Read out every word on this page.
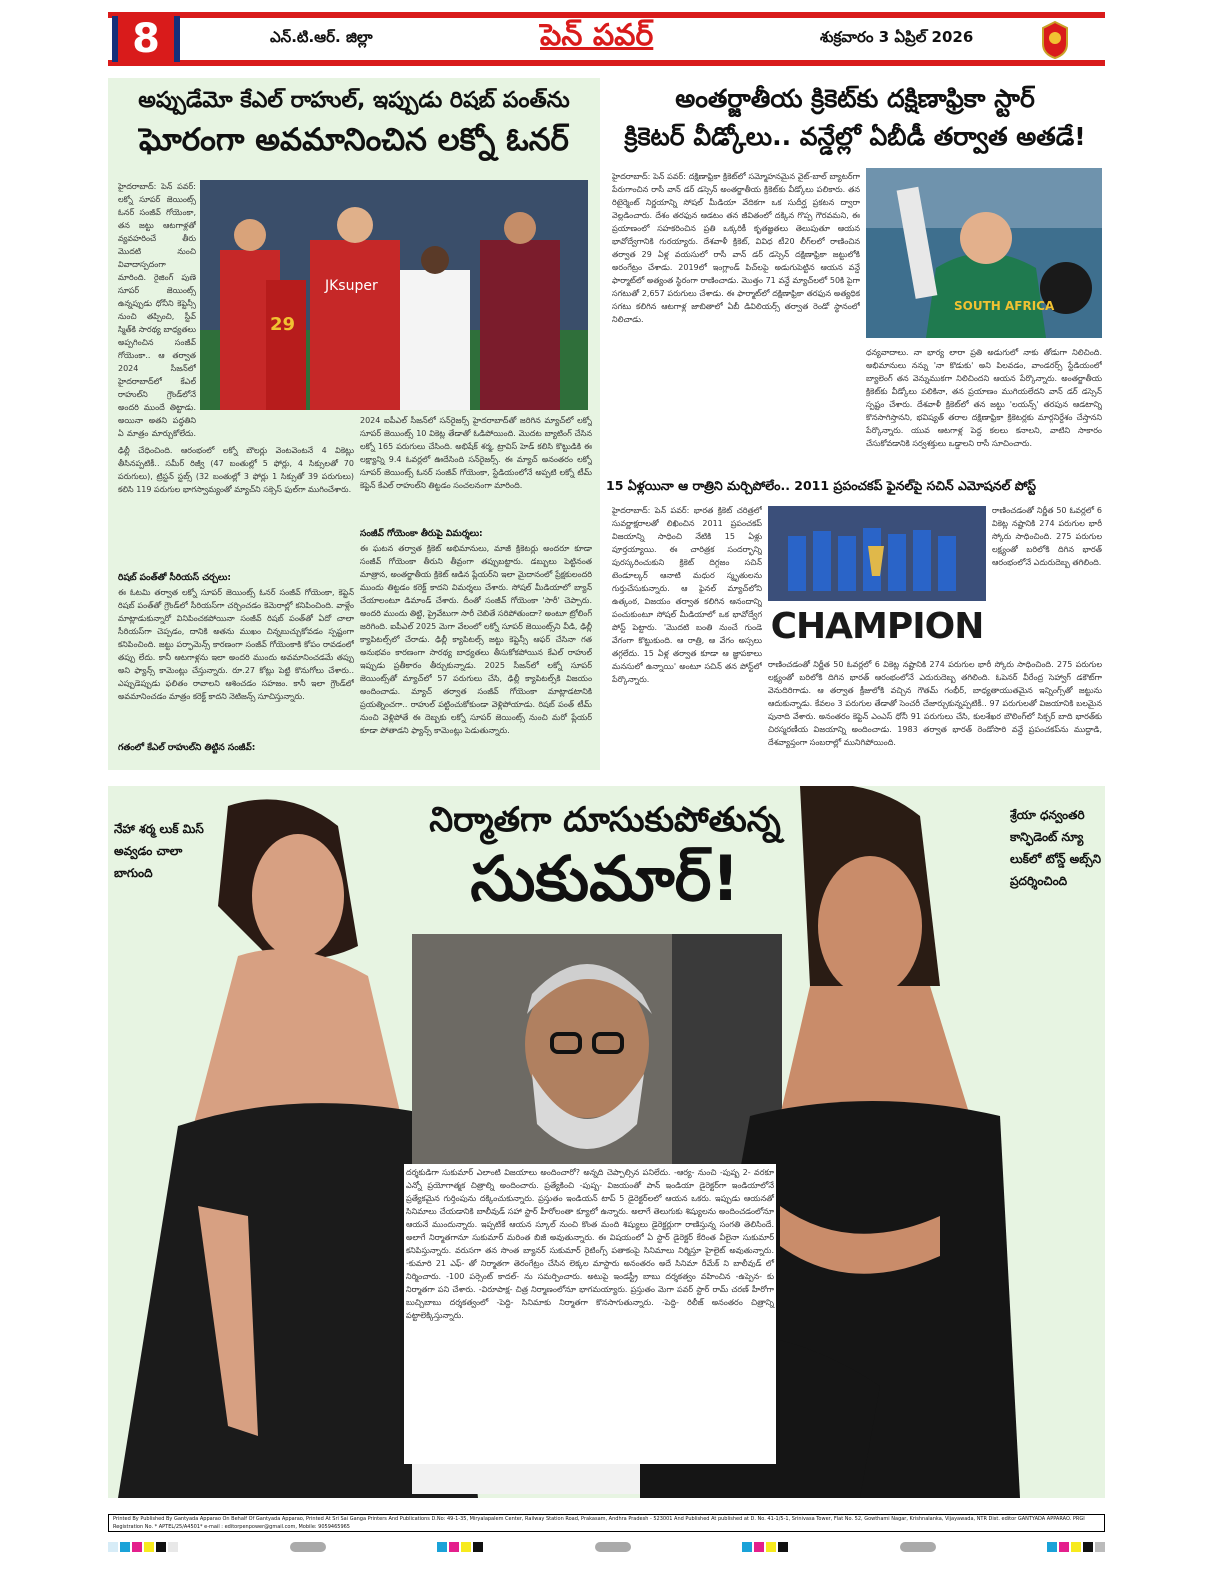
8	ఎన్.టి.ఆర్. జిల్లా	పెన్ పవర్	శుక్రవారం 3 ఏప్రిల్ 2026
అప్పుడేమో కేఎల్ రాహుల్, ఇప్పుడు రిషబ్ పంత్‌ను
ఘోరంగా అవమానించిన లక్నో ఓనర్
JKsuper
29
హైదరాబాద్: పెన్ పవర్: లక్నో సూపర్ జెయింట్స్ ఓనర్ సంజీవ్ గోయెంకా, తన జట్టు ఆటగాళ్లతో వ్యవహరించే తీరు మొదటి నుంచి వివాదాస్పదంగా మారింది. రైజింగ్ పుణె సూపర్ జెయింట్స్ ఉన్నప్పుడు ధోనీని కెప్టెన్సీ నుంచి తప్పించి, స్టీవ్ స్మిత్‌కి సారథ్య బాధ్యతలు అప్పగించిన సంజీవ్ గోయెంకా.. ఆ తర్వాత 2024 సీజన్‌లో హైదరాబాద్‌లో కేఎల్ రాహుల్‌ని గ్రౌండ్‌లోనే అందరి ముందే తిట్టాడు. అయినా అతని పద్ధతిని ఏ మాత్రం మార్చుకోలేదు.
ఢిల్లీ చేధించింది. ఆరంభంలో లక్నో బౌలర్లు వెంటవెంటనే 4 వికెట్లు తీసినప్పటికీ.. సమీర్ రిజ్వీ (47 బంతుల్లో 5 ఫోర్లు, 4 సిక్సులతో 70 పరుగులు), ట్రిస్టన్ స్టబ్స్ (32 బంతుల్లో 3 ఫోర్లు 1 సిక్సుతో 39 పరుగులు) కలిసి 119 పరుగుల భాగస్వామ్యంతో మ్యాచ్‌ని సక్సెస్ ఫుల్‌గా ముగించేశారు.
రిషబ్ పంత్‌తో సీరియస్ చర్చలు:
ఈ ఓటమి తర్వాత లక్నో సూపర్ జెయింట్స్ ఓనర్ సంజీవ్ గోయెంకా, కెప్టెన్ రిషబ్ పంత్‌తో గ్రౌండ్‌లో సీరియస్‌గా చర్చించడం కెమెరాల్లో కనిపించింది. వాళ్లేం మాట్లాడుకున్నారో వినిపించకపోయినా సంజీవ్ రిషబ్ పంత్‌తో ఏదో చాలా సీరియస్‌గా చెప్పడం, దానికి అతను ముఖం చిన్నబుచ్చుకోవడం స్పష్టంగా కనిపించింది. జట్టు పర్ఫామెన్స్ కారణంగా సంజీవ్ గోయెంకాకి కోపం రావడంలో తప్పు లేదు. కానీ ఆటగాళ్లను ఇలా అందరి ముందు అవమానించడమే తప్పు అని ఫ్యాన్స్ కామెంట్లు చేస్తున్నారు. రూ.27 కోట్లు పెట్టి కొనుగోలు చేశారు.. ఎప్పుడెప్పుడు ఫలితం రావాలని ఆశించడం సహజం. కానీ ఇలా గ్రౌండ్‌లో అవమానించడం మాత్రం కరెక్ట్ కాదని నెటిజన్స్ సూచిస్తున్నారు.
గతంలో కేఎల్ రాహుల్‌ని తిట్టిన సంజీవ్:
2024 ఐపీఎల్ సీజన్‌లో సన్‌రైజర్స్ హైదరాబాద్‌తో జరిగిన మ్యాచ్‌లో లక్నో సూపర్ జెయింట్స్ 10 వికెట్ల తేడాతో ఓడిపోయింది. మొదట బ్యాటింగ్ చేసిన లక్నో 165 పరుగులు చేసింది. అభిషేక్ శర్మ, ట్రావిస్ హెడ్ కలిసి కొట్టుడికి ఈ లక్ష్యాన్ని 9.4 ఓవర్లలో ఊదేసింది సన్‌రైజర్స్. ఈ మ్యాచ్ అనంతరం లక్నో సూపర్ జెయింట్స్ ఓనర్ సంజీవ్ గోయెంకా, స్టేడియంలోనే అప్పటి లక్నో టీమ్ కెప్టెన్ కేఎల్ రాహుల్‌ని తిట్టడం సంచలనంగా మారింది.
సంజీవ్ గోయెంకా తీరుపై విమర్శలు:
ఈ ఘటన తర్వాత క్రికెట్ అభిమానులు, మాజీ క్రికెటర్లు అందరూ కూడా సంజీవ్ గోయెంకా తీరుని తీవ్రంగా తప్పుబట్టారు. డబ్బులు పెట్టినంత మాత్రాన, అంతర్జాతీయ క్రికెట్ ఆడిన ప్లేయర్‌ని ఇలా మైదానంలో ప్రేక్షకులందరి ముందు తిట్టడం కరెక్ట్ కాదని విమర్శలు చేశారు. సోషల్ మీడియాలో బ్యాన్ చేయాలంటూ డిమాండ్ చేశారు. దీంతో సంజీవ్ గోయెంకా 'సారీ' చెప్పారు. అందరి ముందు తిట్టి, ప్రైవేటుగా సారీ చెబితే సరిపోతుందా? అంటూ ట్రోలింగ్ జరిగింది. ఐపీఎల్ 2025 మెగా వేలంలో లక్నో సూపర్ జెయింట్స్‌ని వీడి, ఢిల్లీ క్యాపిటల్స్‌లో చేరాడు. ఢిల్లీ క్యాపిటల్స్ జట్టు కెప్టెన్సీ ఆఫర్ చేసినా గత అనుభవం కారణంగా సారథ్య బాధ్యతలు తీసుకోకపోయిన కేఎల్ రాహుల్ ఇప్పుడు ప్రతీకారం తీర్చుకున్నాడు. 2025 సీజన్‌లో లక్నో సూపర్ జెయింట్స్‌తో మ్యాచ్‌లో 57 పరుగులు చేసి, ఢిల్లీ క్యాపిటల్స్‌కి విజయం అందించాడు. మ్యాచ్ తర్వాత సంజీవ్ గోయెంకా మాట్లాడటానికి ప్రయత్నించగా.. రాహుల్ పట్టించుకోకుండా వెళ్లిపోయాడు. రిషబ్ పంత్ టీమ్ నుంచి వెళ్లిపోతే ఈ దెబ్బకు లక్నో సూపర్ జెయింట్స్ నుంచి మరో ప్లేయర్ కూడా పోతాడని ఫ్యాన్స్ కామెంట్లు పెడుతున్నారు.
అంతర్జాతీయ క్రికెట్‌కు దక్షిణాఫ్రికా స్టార్
క్రికెటర్ వీడ్కోలు.. వన్డేల్లో ఏబీడీ తర్వాత అతడే!
హైదరాబాద్: పెన్ పవర్: దక్షిణాఫ్రికా క్రికెట్‌లో సమ్మోహనమైన వైట్-బాల్ బ్యాటర్‌గా పేరుగాంచిన రాసీ వాన్ డర్ డస్సెన్ అంతర్జాతీయ క్రికెట్‌కు వీడ్కోలు పలికారు. తన రిటైర్మెంట్ నిర్ణయాన్ని సోషల్ మీడియా వేదికగా ఒక సుదీర్ఘ ప్రకటన ద్వారా వెల్లడించారు. దేశం తరఫున ఆడటం తన జీవితంలో దక్కిన గొప్ప గౌరవమని, ఈ ప్రయాణంలో సహకరించిన ప్రతి ఒక్కరికీ కృతజ్ఞతలు తెలుపుతూ ఆయన భావోద్వేగానికి గురయ్యారు. దేశవాళీ క్రికెట్, వివిధ టీ20 లీగ్‌లలో రాణించిన తర్వాత 29 ఏళ్ల వయసులో రాసీ వాన్ డర్ డస్సెన్ దక్షిణాఫ్రికా జట్టులోకి అరంగేట్రం చేశాడు. 2019లో ఇంగ్లాండ్ పిచ్‌లపై అడుగుపెట్టిన ఆయన వన్డే ఫార్మాట్‌లో అత్యంత స్థిరంగా రాణించాడు. మొత్తం 71 వన్డే మ్యాచ్‌లలో 50కి పైగా సగటుతో 2,657 పరుగులు చేశాడు. ఈ ఫార్మాట్‌లో దక్షిణాఫ్రికా తరఫున అత్యధిక సగటు కలిగిన ఆటగాళ్ల జాబితాలో ఏబీ డివిలియర్స్ తర్వాత రెండో స్థానంలో నిలిచాడు.
SOUTH AFRICA
ధన్యవాదాలు. నా భార్య లారా ప్రతి అడుగులో నాకు తోడుగా నిలిచింది. అభిమానులు నన్ను 'నా కొడుకు' అని పిలవడం, వాండరర్స్ స్టేడియంలో బ్యాలెంగ్ తన వెన్నుముకగా నిలిచిందని ఆయన పేర్కొన్నారు. అంతర్జాతీయ క్రికెట్‌కు వీడ్కోలు పలికినా, తన ప్రయాణం ముగియలేదని వాన్ డర్ డస్సెన్ స్పష్టం చేశారు. దేశవాళీ క్రికెట్‌లో తన జట్టు 'లయన్స్' తరపున ఆడటాన్ని కొనసాగిస్తానని, భవిష్యత్ తరాల దక్షిణాఫ్రికా క్రికెటర్లకు మార్గనిర్దేశం చేస్తానని పేర్కొన్నారు. యువ ఆటగాళ్ల పెద్ద కలలు కనాలని, వాటిని సాకారం చేసుకోవడానికి సర్వశక్తులు ఒడ్డాలని రాసీ సూచించారు.
15 ఏళ్లయినా ఆ రాత్రిని మర్చిపోలేం.. 2011 ప్రపంచకప్ ఫైనల్‌పై సచిన్ ఎమోషనల్ పోస్ట్
హైదరాబాద్: పెన్ పవర్: భారత క్రికెట్ చరిత్రలో సువర్ణాక్షరాలతో లిఖించిన 2011 ప్రపంచకప్ విజయాన్ని సాధించి నేటికి 15 ఏళ్లు పూర్తయ్యాయి. ఈ చారిత్రక సందర్భాన్ని పురస్కరించుకుని క్రికెట్ దిగ్గజం సచిన్ టెండూల్కర్ ఆనాటి మధుర స్మృతులను గుర్తుచేసుకున్నారు. ఆ ఫైనల్ మ్యాచ్‌లోని ఉత్కంఠ, విజయం తర్వాత కలిగిన ఆనందాన్ని పంచుకుంటూ సోషల్ మీడియాలో ఒక భావోద్వేగ పోస్ట్ పెట్టారు. 'మొదటి బంతి నుంచే గుండె వేగంగా కొట్టుకుంది. ఆ రాత్రి, ఆ వేగం అస్సలు తగ్గలేదు. 15 ఏళ్ల తర్వాత కూడా ఆ జ్ఞాపకాలు మనసులో ఉన్నాయి' అంటూ సచిన్ తన పోస్ట్‌లో పేర్కొన్నారు.
CHAMPION
రాణించడంతో నిర్ణీత 50 ఓవర్లలో 6 వికెట్ల నష్టానికి 274 పరుగుల భారీ స్కోరు సాధించింది. 275 పరుగుల లక్ష్యంతో బరిలోకి దిగిన భారత్ ఆరంభంలోనే ఎదురుదెబ్బ తగిలింది.
రాణించడంతో నిర్ణీత 50 ఓవర్లలో 6 వికెట్ల నష్టానికి 274 పరుగుల భారీ స్కోరు సాధించింది. 275 పరుగుల లక్ష్యంతో బరిలోకి దిగిన భారత్ ఆరంభంలోనే ఎదురుదెబ్బ తగిలింది. ఓపెనర్ వీరేంద్ర సెహ్వాగ్ డకౌట్‌గా వెనుదిరిగాడు. ఆ తర్వాత క్రీజులోకి వచ్చిన గౌతమ్ గంభీర్, బాధ్యతాయుతమైన ఇన్నింగ్స్‌తో జట్టును ఆదుకున్నాడు. కేవలం 3 పరుగుల తేడాతో సెంచరీ చేజార్చుకున్నప్పటికీ.. 97 పరుగులతో విజయానికి బలమైన పునాది వేశారు. అనంతరం కెప్టెన్ ఎంఎస్ ధోనీ 91 పరుగులు చేసి, కులశేఖర బౌలింగ్‌లో సిక్సర్ బాది భారత్‌కు చిరస్మరణీయ విజయాన్ని అందించాడు. 1983 తర్వాత భారత్ రెండోసారి వన్డే ప్రపంచకప్‌ను ముద్దాడి, దేశవ్యాప్తంగా సంబరాల్లో మునిగిపోయింది.
నిర్మాతగా దూసుకుపోతున్న
సుకుమార్!
నేహా శర్మ లుక్ మిస్ అవ్వడం చాలా బాగుంది
శ్రేయా ధన్వంతరి కాన్ఫిడెంట్ న్యూ లుక్‌లో టోన్డ్ అబ్స్‌ని ప్రదర్శించింది
దర్శకుడిగా సుకుమార్ ఎలాంటి విజయాలు అందించారో? అన్నది చెప్పాల్సిన పనిలేదు. -ఆర్య- నుంచి -పుష్ప 2- వరకూ ఎన్నో ప్రయోగాత్మక చిత్రాల్ని అందించారు. ప్రత్యేకించి -పుష్ప- విజయంతో పాన్ ఇండియా డైరెక్టర్‌గా ఇండియాలోనే ప్రత్యేకమైన గుర్తింపును దక్కించుకున్నారు. ప్రస్తుతం ఇండియన్ టాప్ 5 డైరెక్టర్‌లలో ఆయన ఒకరు. ఇప్పుడు ఆయనతో సినిమాలు చేయడానికి బాలీవుడ్ సహా స్టార్ హీరోలంతా క్యూలో ఉన్నారు. అలాగే తెలుగుకు శిష్యులను అందించడంలోనూ ఆయనే ముందున్నారు. ఇప్పటికే ఆయన స్కూల్ నుంచి కొంత మంది శిష్యులు డైరెక్టర్లుగా రాణిస్తున్న సంగతి తెలిసిందే. అలాగే నిర్మాతగానూ సుకుమార్ మరింత బిజీ అవుతున్నారు. ఈ విషయంలో ఏ స్టార్ డైరెక్టర్ కేరింత వీలైనా సుకుమార్ కనిపిస్తున్నారు. వరుసగా తన సొంత బ్యానర్ సుకుమార్ రైటింగ్స్ పతాకంపై సినిమాలు నిర్మిస్తూ హైలైట్ అవుతున్నారు. -కుమారి 21 ఎఫ్- తో నిర్మాతగా తెరంగేట్రం చేసిన లెక్కల మాస్టారు అనంతరం అదే సినిమా రీమేక్ ని బాలీవుడ్ లో నిర్మించారు. -100 పర్సెంట్ కాదల్- ను సమర్పించారు. అటుపై ఇండస్ట్రీ బాబు దర్శకత్వం వహించిన -ఉప్పెన- కు నిర్మాతగా పని చేశారు. -విరూపాక్ష- చిత్ర నిర్మాణంలోనూ భాగమయ్యారు. ప్రస్తుతం మెగా పవర్ స్టార్ రామ్ చరణ్ హీరోగా బుచ్చిబాబు దర్శకత్వంలో -పెద్ది- సినిమాకు నిర్మాతగా కొనసాగుతున్నారు. -పెద్ది- రిలీజ్ అనంతరం చిత్రాన్ని పట్టాలెక్కిస్తున్నారు.
Printed By Published By Gantyada Apparao On Behalf Of Gantyada Apparao, Printed At Sri Sai Ganga Printers And Publications D.No: 49-1-35, Miryalapalem Center, Railway Station Road, Prakasam, Andhra Pradesh - 523001 And Published At published at D. No. 41-1/5-1, Srinivasa Tower, Flat No. 52, Gowthami Nagar, Krishnalanka, Vijayawada, NTR Dist. editor GANTYADA APPARAO. PRGI Registration No. * APTEL/25/A4501* e-mail : editorpenpower@gmail.com, Mobile: 9059465965
